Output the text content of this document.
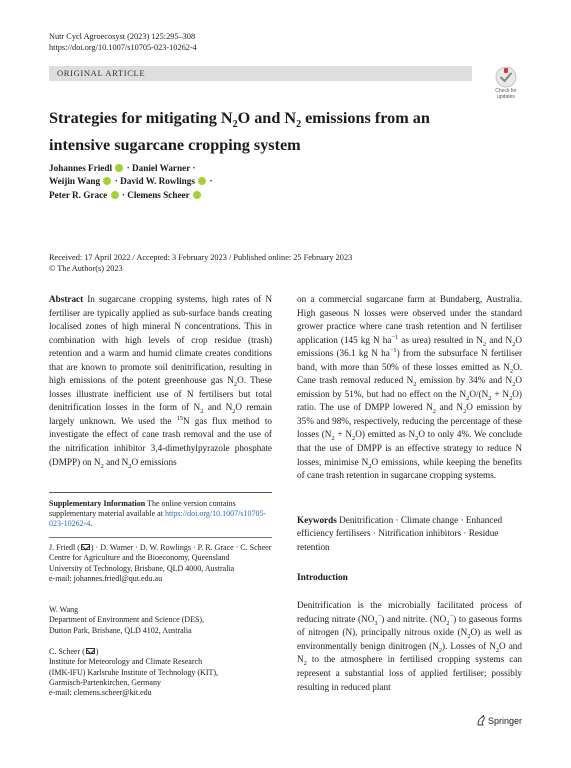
Nutr Cycl Agroecosyst (2023) 125:295–308
https://doi.org/10.1007/s10705-023-10262-4
ORIGINAL ARTICLE
Check for updates
Strategies for mitigating $N_2O$ and $N_2$ emissions from an intensive sugarcane cropping system
Johannes Friedl  · Daniel Warner ·
Weijin Wang  · David W. Rowlings  ·
Peter R. Grace  · Clemens Scheer
Received: 17 April 2022 / Accepted: 3 February 2023 / Published online: 25 February 2023
© The Author(s) 2023
Abstract In sugarcane cropping systems, high rates of N fertiliser are typically applied as sub-surface bands creating localised zones of high mineral N concentrations. This in combination with high levels of crop residue (trash) retention and a warm and humid climate creates conditions that are known to promote soil denitrification, resulting in high emissions of the potent greenhouse gas $N_2O$. These losses illustrate inefficient use of N fertilisers but total denitrification losses in the form of $N_2$ and $N_2O$ remain largely unknown. We used the $^{15}$N gas flux method to investigate the effect of cane trash removal and the use of the nitrification inhibitor 3,4-dimethylpyrazole phosphate (DMPP) on $N_2$ and $N_2O$ emissions
on a commercial sugarcane farm at Bundaberg, Australia. High gaseous N losses were observed under the standard grower practice where cane trash retention and N fertiliser application (145 kg N $ha^{-1}$ as urea) resulted in $N_2$ and $N_2O$ emissions (36.1 kg N $ha^{-1}$) from the subsurface N fertiliser band, with more than 50% of these losses emitted as $N_2O$. Cane trash removal reduced $N_2$ emission by 34% and $N_2O$ emission by 51%, but had no effect on the $N_2O/(N_2 + N_2O)$ ratio. The use of DMPP lowered $N_2$ and $N_2O$ emission by 35% and 98%, respectively, reducing the percentage of these losses $(N_2 + N_2O)$ emitted as $N_2O$ to only 4%. We conclude that the use of DMPP is an effective strategy to reduce N losses, minimise $N_2O$ emissions, while keeping the benefits of cane trash retention in sugarcane cropping systems.
Supplementary Information The online version contains supplementary material available at https://doi.org/10.1007/s10705-023-10262-4.
J. Friedl ( ) · D. Warner · D. W. Rowlings · P. R. Grace · C. Scheer
Centre for Agriculture and the Bioeconomy, Queensland
University of Technology, Brisbane, QLD 4000, Australia
e-mail: johannes.friedl@qut.edu.au
W. Wang
Department of Environment and Science (DES),
Dutton Park, Brisbane, QLD 4102, Australia
C. Scheer ( )
Institute for Meteorology and Climate Research
(IMK-IFU) Karlsruhe Institute of Technology (KIT),
Garmisch-Partenkirchen, Germany
e-mail: clemens.scheer@kit.edu
Keywords Denitrification · Climate change · Enhanced efficiency fertilisers · Nitrification inhibitors · Residue retention
Introduction
Denitrification is the microbially facilitated process of reducing nitrate $(NO_3^-)$ and nitrite. $(NO_2^-)$ to gaseous forms of nitrogen (N), principally nitrous oxide $(N_2O)$ as well as environmentally benign dinitrogen $(N_2)$. Losses of $N_2O$ and $N_2$ to the atmosphere in fertilised cropping systems can represent a substantial loss of applied fertiliser; possibly resulting in reduced plant
Springer
